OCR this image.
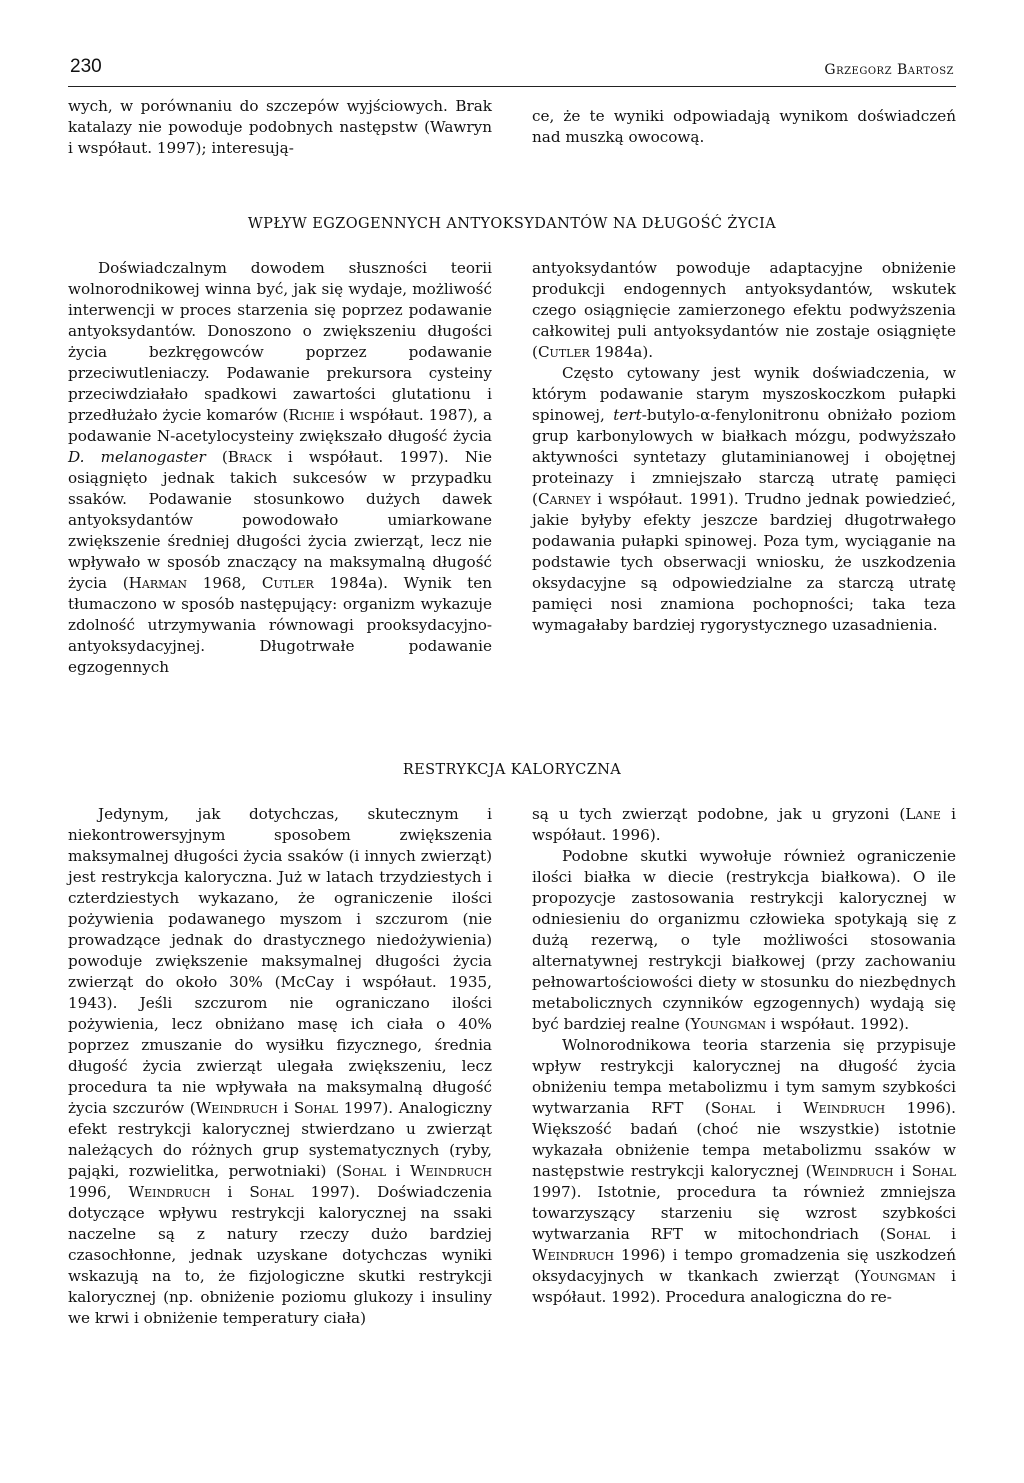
230	Grzegorz Bartosz

wych, w porównaniu do szczepów wyjściowych. Brak katalazy nie powoduje podobnych następstw (Wawryn i współaut. 1997); interesują-

ce, że te wyniki odpowiadają wynikom doświadczeń nad muszką owocową.

WPŁYW EGZOGENNYCH ANTYOKSYDANTÓW NA DŁUGOŚĆ ŻYCIA

Doświadczalnym dowodem słuszności teorii wolnorodnikowej winna być, jak się wydaje, możliwość interwencji w proces starzenia się poprzez podawanie antyoksydantów. Donoszono o zwiększeniu długości życia bezkręgowców poprzez podawanie przeciwutleniaczy. Podawanie prekursora cysteiny przeciwdziałało spadkowi zawartości glutationu i przedłużało życie komarów (Richie i współaut. 1987), a podawanie N-acetylocysteiny zwiększało długość życia D. melanogaster (Brack i współaut. 1997). Nie osiągnięto jednak takich sukcesów w przypadku ssaków. Podawanie stosunkowo dużych dawek antyoksydantów powodowało umiarkowane zwiększenie średniej długości życia zwierząt, lecz nie wpływało w sposób znaczący na maksymalną długość życia (Harman 1968, Cutler 1984a). Wynik ten tłumaczono w sposób następujący: organizm wykazuje zdolność utrzymywania równowagi prooksydacyjno-antyoksydacyjnej. Długotrwałe podawanie egzogennych

antyoksydantów powoduje adaptacyjne obniżenie produkcji endogennych antyoksydantów, wskutek czego osiągnięcie zamierzonego efektu podwyższenia całkowitej puli antyoksydantów nie zostaje osiągnięte (Cutler 1984a).

Często cytowany jest wynik doświadczenia, w którym podawanie starym myszoskoczkom pułapki spinowej, tert-butylo-α-fenylonitronu obniżało poziom grup karbonylowych w białkach mózgu, podwyższało aktywności syntetazy glutaminianowej i obojętnej proteinazy i zmniejszało starczą utratę pamięci (Carney i współaut. 1991). Trudno jednak powiedzieć, jakie byłyby efekty jeszcze bardziej długotrwałego podawania pułapki spinowej. Poza tym, wyciąganie na podstawie tych obserwacji wniosku, że uszkodzenia oksydacyjne są odpowiedzialne za starczą utratę pamięci nosi znamiona pochopności; taka teza wymagałaby bardziej rygorystycznego uzasadnienia.

RESTRYKCJA KALORYCZNA

Jedynym, jak dotychczas, skutecznym i niekontrowersyjnym sposobem zwiększenia maksymalnej długości życia ssaków (i innych zwierząt) jest restrykcja kaloryczna. Już w latach trzydziestych i czterdziestych wykazano, że ograniczenie ilości pożywienia podawanego myszom i szczurom (nie prowadzące jednak do drastycznego niedożywienia) powoduje zwiększenie maksymalnej długości życia zwierząt do około 30% (McCay i współaut. 1935, 1943). Jeśli szczurom nie ograniczano ilości pożywienia, lecz obniżano masę ich ciała o 40% poprzez zmuszanie do wysiłku fizycznego, średnia długość życia zwierząt ulegała zwiększeniu, lecz procedura ta nie wpływała na maksymalną długość życia szczurów (Weindruch i Sohal 1997). Analogiczny efekt restrykcji kalorycznej stwierdzano u zwierząt należących do różnych grup systematycznych (ryby, pająki, rozwielitka, perwotniaki) (Sohal i Weindruch 1996, Weindruch i Sohal 1997). Doświadczenia dotyczące wpływu restrykcji kalorycznej na ssaki naczelne są z natury rzeczy dużo bardziej czasochłonne, jednak uzyskane dotychczas wyniki wskazują na to, że fizjologiczne skutki restrykcji kalorycznej (np. obniżenie poziomu glukozy i insuliny we krwi i obniżenie temperatury ciała)

są u tych zwierząt podobne, jak u gryzoni (Lane i współaut. 1996).

Podobne skutki wywołuje również ograniczenie ilości białka w diecie (restrykcja białkowa). O ile propozycje zastosowania restrykcji kalorycznej w odniesieniu do organizmu człowieka spotykają się z dużą rezerwą, o tyle możliwości stosowania alternatywnej restrykcji białkowej (przy zachowaniu pełnowartościowości diety w stosunku do niezbędnych metabolicznych czynników egzogennych) wydają się być bardziej realne (Youngman i współaut. 1992).

Wolnorodnikowa teoria starzenia się przypisuje wpływ restrykcji kalorycznej na długość życia obniżeniu tempa metabolizmu i tym samym szybkości wytwarzania RFT (Sohal i Weindruch 1996). Większość badań (choć nie wszystkie) istotnie wykazała obniżenie tempa metabolizmu ssaków w następstwie restrykcji kalorycznej (Weindruch i Sohal 1997). Istotnie, procedura ta również zmniejsza towarzyszący starzeniu się wzrost szybkości wytwarzania RFT w mitochondriach (Sohal i Weindruch 1996) i tempo gromadzenia się uszkodzeń oksydacyjnych w tkankach zwierząt (Youngman i współaut. 1992). Procedura analogiczna do re-
